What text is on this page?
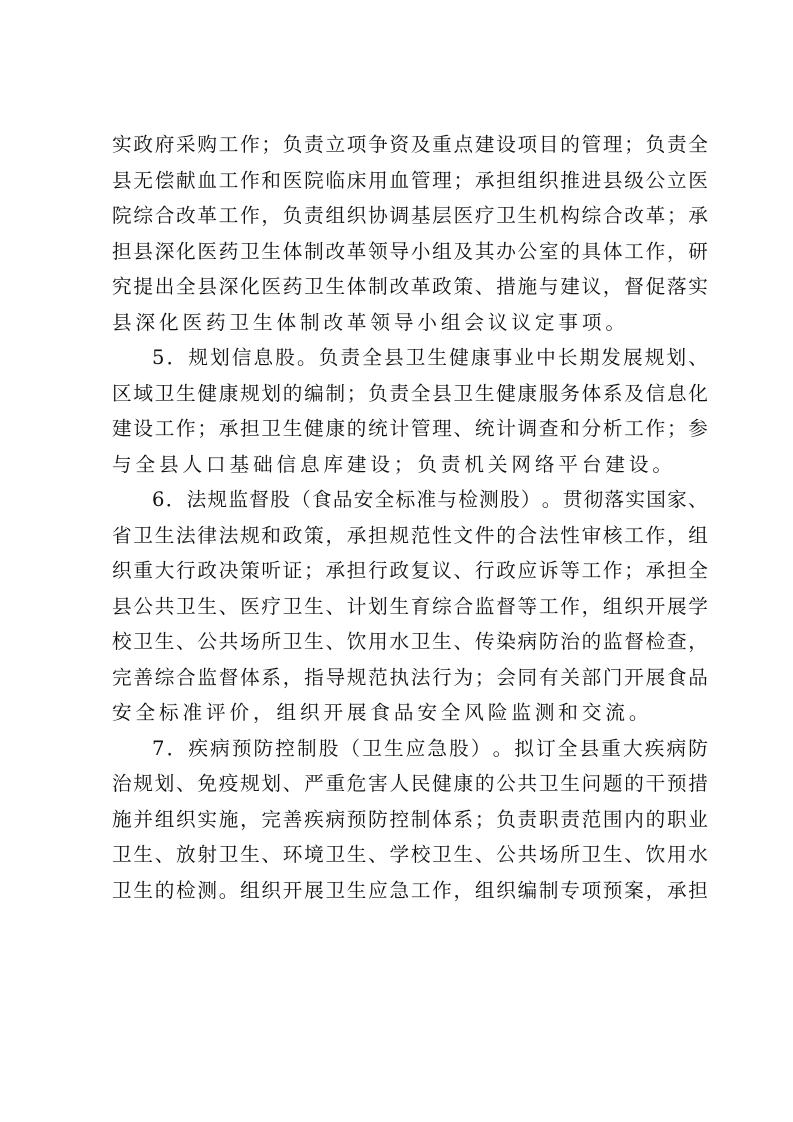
实 政 府 采 购 工 作 ； 负 责 立 项 争 资 及 重 点 建 设 项 目 的 管 理 ； 负 责 全
县 无 偿 献 血 工 作 和 医 院 临 床 用 血 管 理 ； 承 担 组 织 推 进 县 级 公 立 医
院 综 合 改 革 工 作 ， 负 责 组 织 协 调 基 层 医 疗 卫 生 机 构 综 合 改 革 ； 承
担 县 深 化 医 药 卫 生 体 制 改 革 领 导 小 组 及 其 办 公 室 的 具 体 工 作 ， 研
究 提 出 全 县 深 化 医 药 卫 生 体 制 改 革 政 策 、 措 施 与 建 议 ， 督 促 落 实
县深化医药卫生体制改革领导小组会议议定事项。
5 ． 规 划 信 息 股 。 负 责 全 县 卫 生 健 康 事 业 中 长 期 发 展 规 划 、
区 域 卫 生 健 康 规 划 的 编 制 ； 负 责 全 县 卫 生 健 康 服 务 体 系 及 信 息 化
建 设 工 作 ； 承 担 卫 生 健 康 的 统 计 管 理 、 统 计 调 查 和 分 析 工 作 ； 参
与全县人口基础信息库建设；负责机关网络平台建设。
6 ． 法 规 监 督 股 （ 食 品 安 全 标 准 与 检 测 股 ） 。 贯 彻 落 实 国 家 、
省 卫 生 法 律 法 规 和 政 策 ， 承 担 规 范 性 文 件 的 合 法 性 审 核 工 作 ， 组
织 重 大 行 政 决 策 听 证 ； 承 担 行 政 复 议 、 行 政 应 诉 等 工 作 ； 承 担 全
县 公 共 卫 生 、 医 疗 卫 生 、 计 划 生 育 综 合 监 督 等 工 作 ， 组 织 开 展 学
校 卫 生 、 公 共 场 所 卫 生 、 饮 用 水 卫 生 、 传 染 病 防 治 的 监 督 检 查 ，
完 善 综 合 监 督 体 系 ， 指 导 规 范 执 法 行 为 ； 会 同 有 关 部 门 开 展 食 品
安全标准评价，组织开展食品安全风险监测和交流。
7 ． 疾 病 预 防 控 制 股 （ 卫 生 应 急 股 ） 。 拟 订 全 县 重 大 疾 病 防
治 规 划 、 免 疫 规 划 、 严 重 危 害 人 民 健 康 的 公 共 卫 生 问 题 的 干 预 措
施 并 组 织 实 施 ， 完 善 疾 病 预 防 控 制 体 系 ； 负 责 职 责 范 围 内 的 职 业
卫 生 、 放 射 卫 生 、 环 境 卫 生 、 学 校 卫 生 、 公 共 场 所 卫 生 、 饮 用 水
卫 生 的 检 测 。 组 织 开 展 卫 生 应 急 工 作 ， 组 织 编 制 专 项 预 案 ， 承 担
